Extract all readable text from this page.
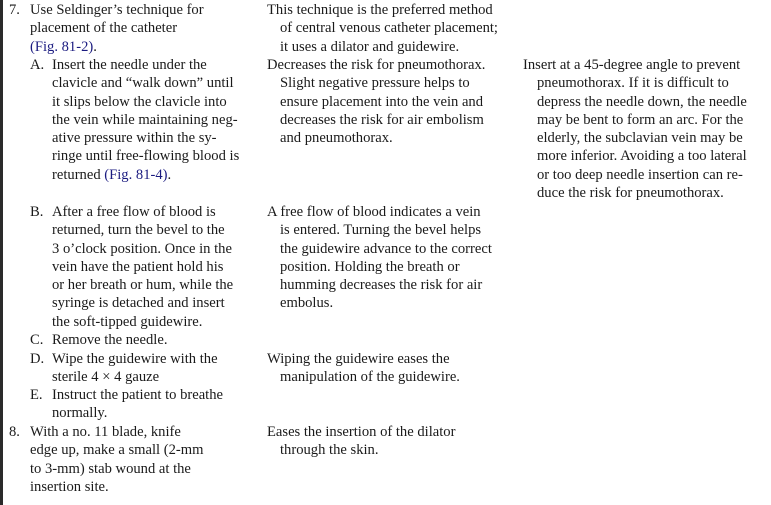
7. Use Seldinger’s technique for
placement of the catheter
(Fig. 81-2).
This technique is the preferred method
of central venous catheter placement;
it uses a dilator and guidewire.
A. Insert the needle under the
clavicle and “walk down” until
it slips below the clavicle into
the vein while maintaining neg-
ative pressure within the sy-
ringe until free-flowing blood is
returned (Fig. 81-4).
Decreases the risk for pneumothorax.
Slight negative pressure helps to
ensure placement into the vein and
decreases the risk for air embolism
and pneumothorax.
Insert at a 45-degree angle to prevent
pneumothorax. If it is difficult to
depress the needle down, the needle
may be bent to form an arc. For the
elderly, the subclavian vein may be
more inferior. Avoiding a too lateral
or too deep needle insertion can re-
duce the risk for pneumothorax.
B. After a free flow of blood is
returned, turn the bevel to the
3 o’clock position. Once in the
vein have the patient hold his
or her breath or hum, while the
syringe is detached and insert
the soft-tipped guidewire.
A free flow of blood indicates a vein
is entered. Turning the bevel helps
the guidewire advance to the correct
position. Holding the breath or
humming decreases the risk for air
embolus.
C. Remove the needle.
D. Wipe the guidewire with the
sterile 4 × 4 gauze
Wiping the guidewire eases the
manipulation of the guidewire.
E. Instruct the patient to breathe
normally.
8. With a no. 11 blade, knife
edge up, make a small (2-mm
to 3-mm) stab wound at the
insertion site.
Eases the insertion of the dilator
through the skin.
